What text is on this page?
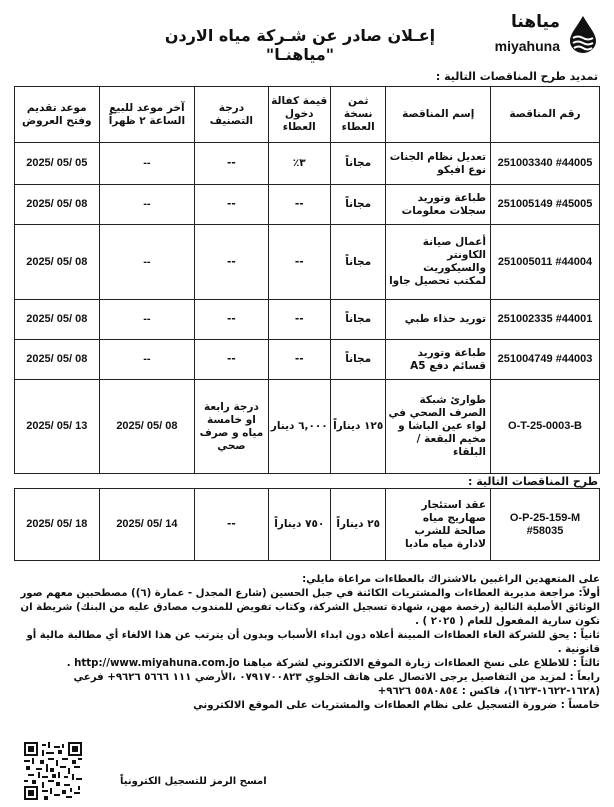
مياهنا
miyahuna
إعـلان صادر عن شـركة مياه الاردن "مياهنـا"
تمديد طرح المناقصات التالية :
رقم المناقصة	إسم المناقصة	ثمن نسخة العطاء	قيمة كفالة دخول العطاء	درجة التصنيف	آخر موعد للبيع الساعة ٢ ظهراً	موعد تقديم وفتح العروض
251003340 #44005	تعديل نظام الجنات نوع افيكو	مجاناً	٣٪	--	--	2025/ 05/ 05
251005149 #45005	طباعة وتوريد سجلات معلومات	مجاناً	--	--	--	2025/ 05/ 08
251005011 #44004	أعمال صيانة الكاونتر والسيكوريت لمكتب تحصيل جاوا	مجاناً	--	--	--	2025/ 05/ 08
251002335 #44001	توريد حذاء طبي	مجاناً	--	--	--	2025/ 05/ 08
251004749 #44003	طباعة وتوريد قسائم دفع A5	مجاناً	--	--	--	2025/ 05/ 08
O-T-25-0003-B	طوارئ شبكة الصرف الصحي في لواء عين الباشا و مخيم البقعة / البلقاء	١٢٥ ديناراً	٦,٠٠٠ دينار	درجة رابعة او خامسة مياه و صرف صحي	2025/ 05/ 08	2025/ 05/ 13
طرح المناقصات التالية :
O-P-25-159-M #58035	عقد استئجار صهاريج مياه صالحة للشرب لادارة مياه مادبا	٢٥ ديناراً	٧٥٠ ديناراً	--	2025/ 05/ 14	2025/ 05/ 18

على المتعهدين الراغبين بالاشتراك بالعطاءات مراعاة مايلي:

أولاً: مراجعة مديرية العطاءات والمشتريات الكائنة في جبل الحسين (شارع المجدل - عمارة (٦)) مصطحبين معهم صور الوثائق الأصلية التالية (رخصة مهن، شهادة تسجيل الشركة، وكتاب تفويض للمندوب مصادق عليه من البنك) شريطة ان تكون سارية المفعول للعام ( ٢٠٢٥ ) .

ثانياً : يحق للشركة الغاء العطاءات المبينة أعلاه دون ابداء الأسباب وبدون أن يترتب عن هذا الالغاء أي مطالبة مالية أو قانونية .

ثالثاً : للاطلاع على نسخ العطاءات زيارة الموقع الالكتروني لشركة مياهنا http://www.miyahuna.com.jo .

رابعاً : لمزيد من التفاصيل يرجى الاتصال على هاتف الخلوي ٠٧٩١٧٠٠٨٢٣ ،الأرضي ١١١ ٥٦٦٦ ٩٦٢٦+ فرعي (١٦٢٨-١٦٢٢-١٦٢٣)، فاكس : ٥٥٨٠٨٥٤ ٩٦٢٦+

خامساً : ضرورة التسجيل على نظام العطاءات والمشتريات على الموقع الالكتروني

امسح الرمز للتسجيل الكترونياً
